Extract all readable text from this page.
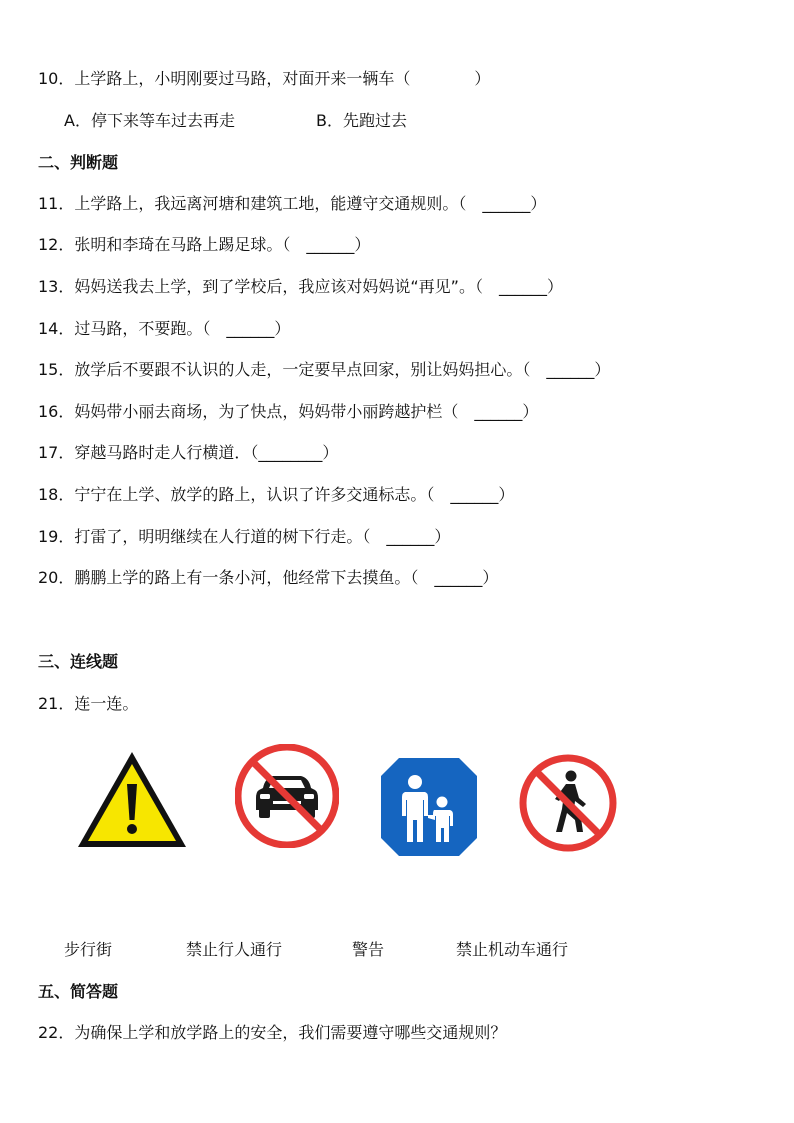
10．上学路上，小明刚要过马路，对面开来一辆车（　　　　）
A．停下来等车过去再走	B．先跑过去
二、判断题
11．上学路上，我远离河塘和建筑工地，能遵守交通规则。（　______）
12．张明和李琦在马路上踢足球。（　______）
13．妈妈送我去上学，到了学校后，我应该对妈妈说“再见”。（　______）
14．过马路，不要跑。（　______）
15．放学后不要跟不认识的人走，一定要早点回家，别让妈妈担心。（　______）
16．妈妈带小丽去商场，为了快点，妈妈带小丽跨越护栏（　______）
17．穿越马路时走人行横道．（________）
18．宁宁在上学、放学的路上，认识了许多交通标志。（　______）
19．打雷了，明明继续在人行道的树下行走。（　______）
20．鹏鹏上学的路上有一条小河，他经常下去摸鱼。（　______）
三、连线题
21．连一连。
步行街	禁止行人通行	警告	禁止机动车通行
五、简答题
22．为确保上学和放学路上的安全，我们需要遵守哪些交通规则？
